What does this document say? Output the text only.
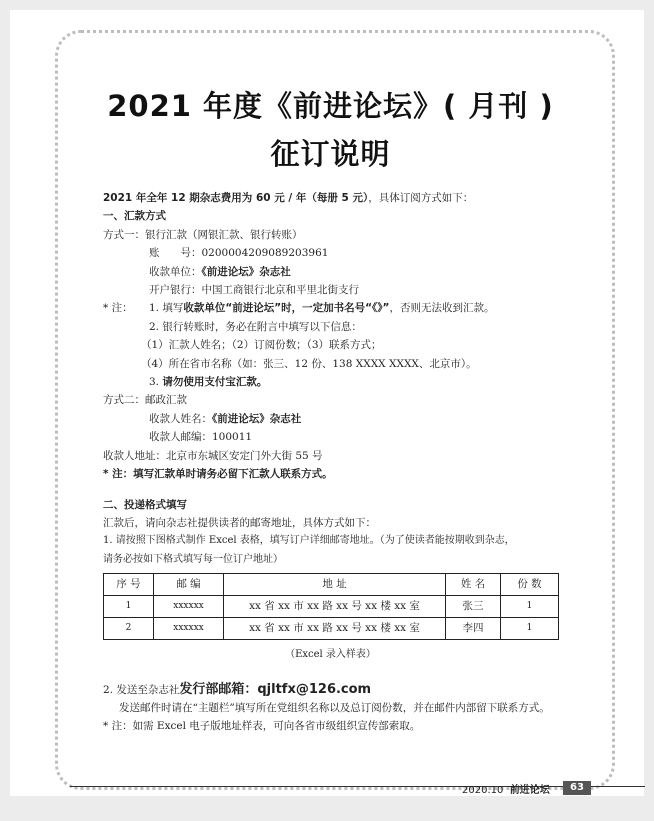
2021 年度《前进论坛》( 月刊 )
征订说明
2021 年全年 12 期杂志费用为 60 元 / 年（每册 5 元），具体订阅方式如下：
一、汇款方式
方式一：银行汇款（网银汇款、银行转账）
账　　号：0200004209089203961
收款单位：《前进论坛》杂志社
开户银行：中国工商银行北京和平里北街支行
* 注： 1. 填写收款单位“前进论坛”时，一定加书名号“《》”，否则无法收到汇款。
2. 银行转账时，务必在附言中填写以下信息：
（1）汇款人姓名；（2）订阅份数；（3）联系方式；
（4）所在省市名称（如：张三、12 份、138 XXXX XXXX、北京市）。
3. 请勿使用支付宝汇款。
方式二：邮政汇款
收款人姓名：《前进论坛》杂志社
收款人邮编：100011
收款人地址：北京市东城区安定门外大街 55 号
* 注：填写汇款单时请务必留下汇款人联系方式。
二、投递格式填写
汇款后，请向杂志社提供读者的邮寄地址，具体方式如下：
1. 请按照下图格式制作 Excel 表格，填写订户详细邮寄地址。（为了使读者能按期收到杂志，
请务必按如下格式填写每一位订户地址）
序 号	邮 编	地 址	姓 名	份 数
1	xxxxxx	xx 省 xx 市 xx 路 xx 号 xx 楼 xx 室	张三	1
2	xxxxxx	xx 省 xx 市 xx 路 xx 号 xx 楼 xx 室	李四	1
（Excel 录入样表）
2. 发送至杂志社发行部邮箱：qjltfx@126.com
发送邮件时请在“主题栏”填写所在党组织名称以及总订阅份数，并在邮件内部留下联系方式。
* 注：如需 Excel 电子版地址样表，可向各省市级组织宣传部索取。
2020.10 前进论坛	63
